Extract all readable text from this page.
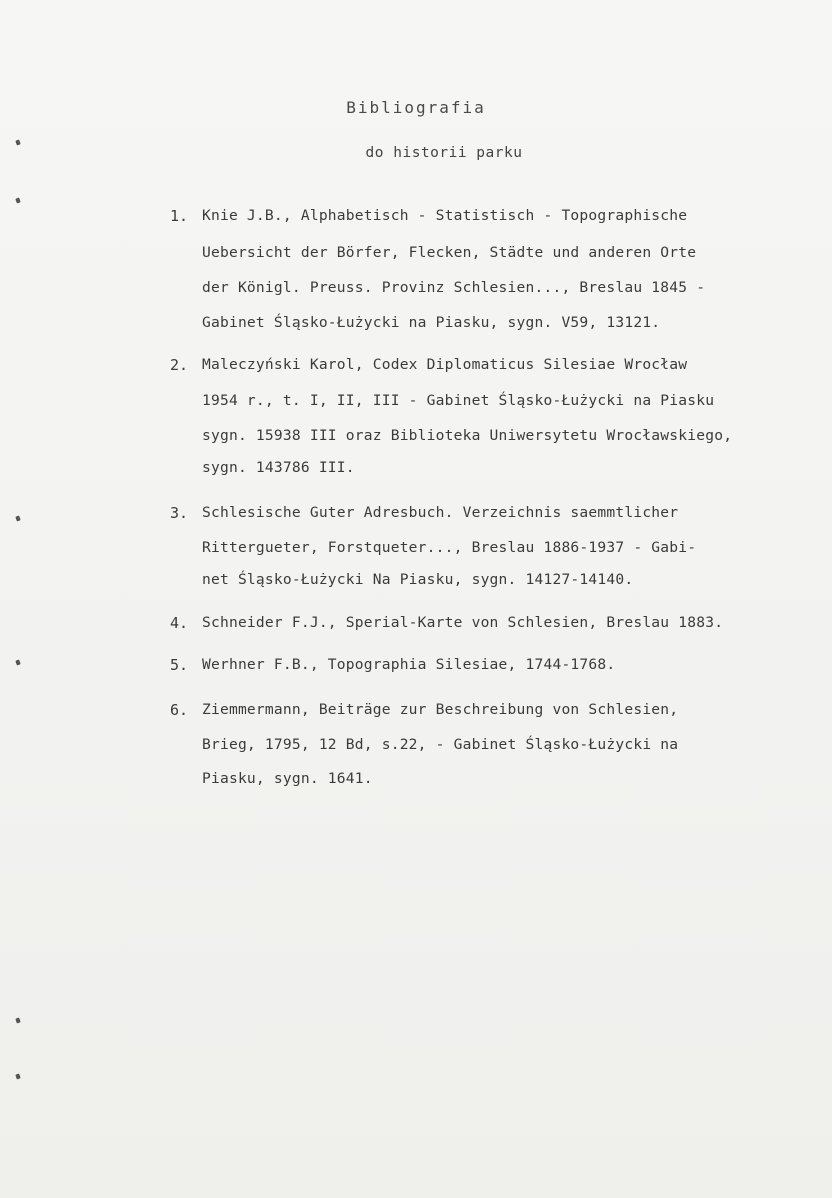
Bibliografia
do historii parku
1. Knie J.B., Alphabetisch - Statistisch - Topographische
Uebersicht der Börfer, Flecken, Städte und anderen Orte
der Königl. Preuss. Provinz Schlesien..., Breslau 1845 -
Gabinet Śląsko-Łużycki na Piasku, sygn. V59, 13121.
2. Maleczyński Karol, Codex Diplomaticus Silesiae Wrocław
1954 r., t. I, II, III - Gabinet Śląsko-Łużycki na Piasku
sygn. 15938 III oraz Biblioteka Uniwersytetu Wrocławskiego,
sygn. 143786 III.
3. Schlesische Guter Adresbuch. Verzeichnis saemmtlicher
Rittergueter, Forstqueter..., Breslau 1886-1937 - Gabi-
net Śląsko-Łużycki Na Piasku, sygn. 14127-14140.
4. Schneider F.J., Sperial-Karte von Schlesien, Breslau 1883.
5. Werhner F.B., Topographia Silesiae, 1744-1768.
6. Ziemmermann, Beiträge zur Beschreibung von Schlesien,
Brieg, 1795, 12 Bd, s.22, - Gabinet Śląsko-Łużycki na
Piasku, sygn. 1641.
